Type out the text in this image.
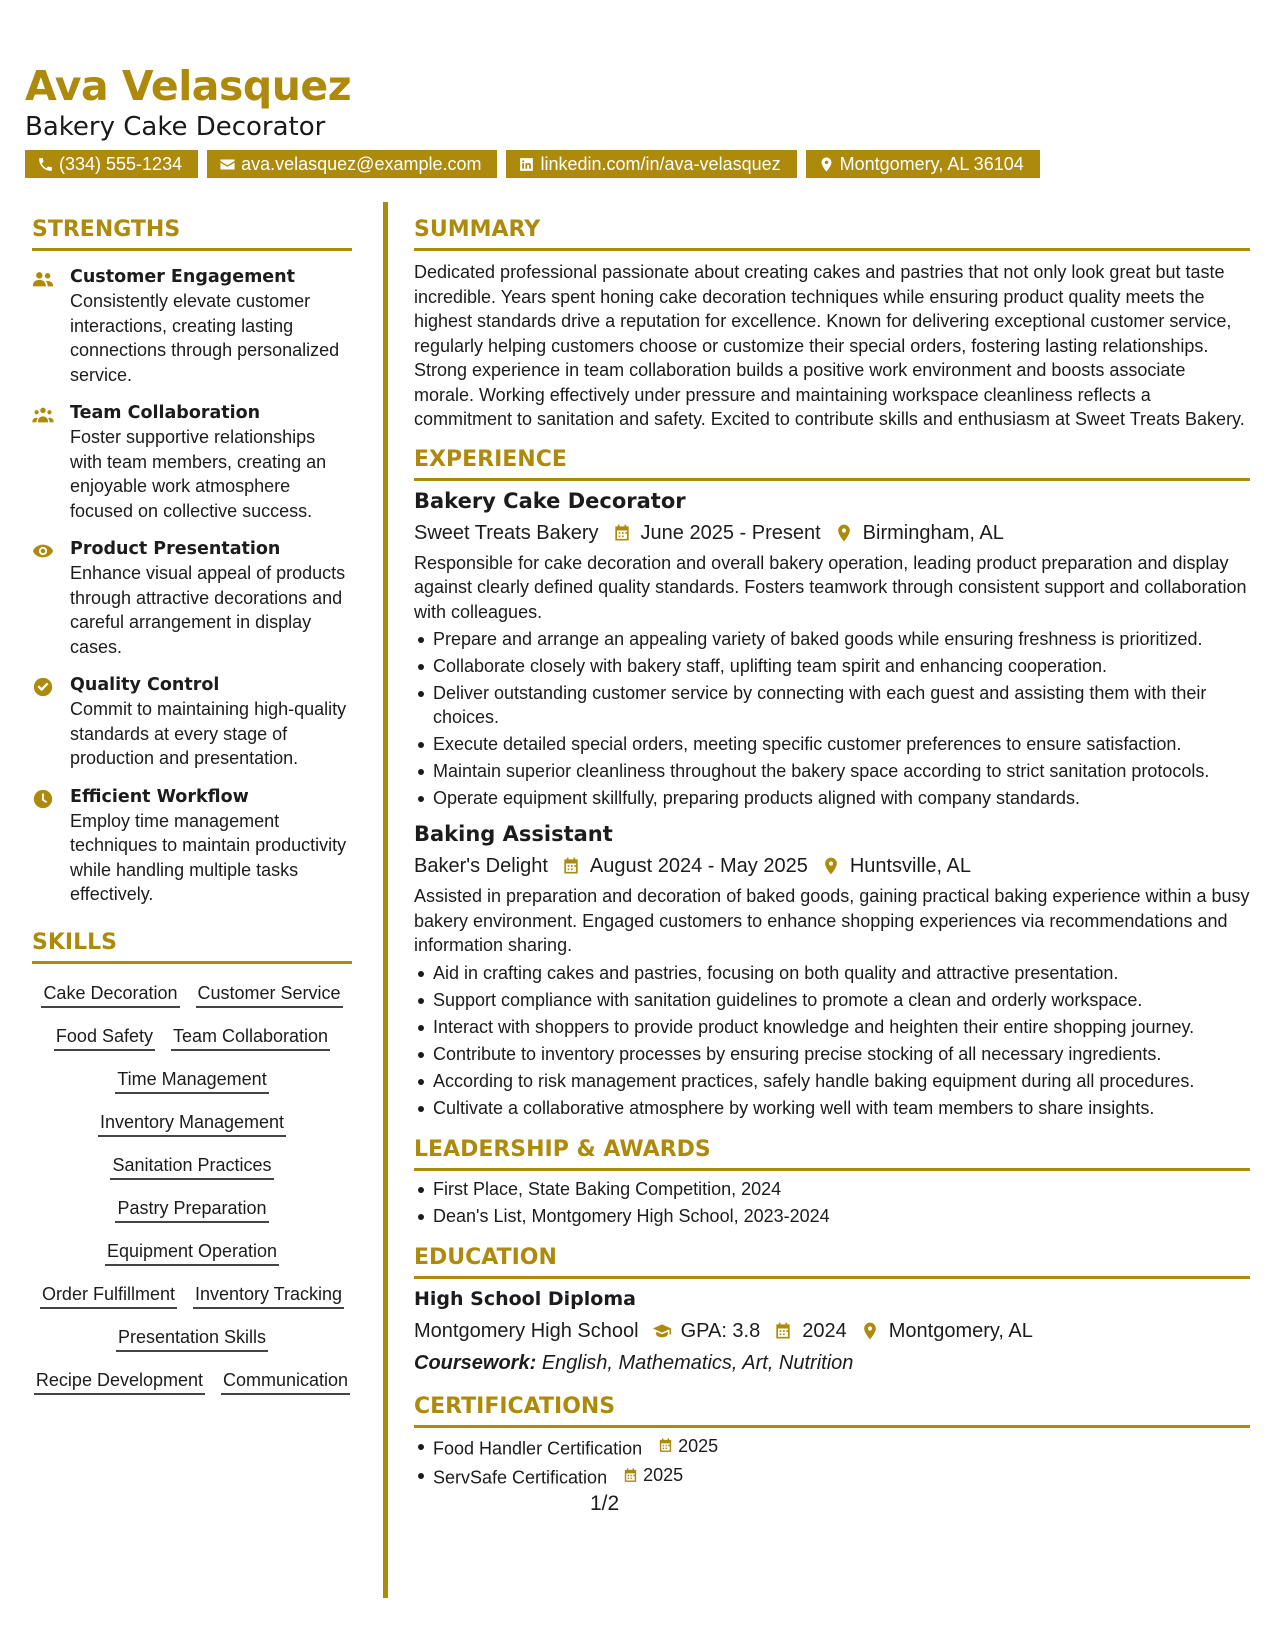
Ava Velasquez
Bakery Cake Decorator
(334) 555-1234	ava.velasquez@example.com	linkedin.com/in/ava-velasquez	Montgomery, AL 36104
STRENGTHS
Customer Engagement
Consistently elevate customer interactions, creating lasting connections through personalized service.
Team Collaboration
Foster supportive relationships with team members, creating an enjoyable work atmosphere focused on collective success.
Product Presentation
Enhance visual appeal of products through attractive decorations and careful arrangement in display cases.
Quality Control
Commit to maintaining high-quality standards at every stage of production and presentation.
Efficient Workflow
Employ time management techniques to maintain productivity while handling multiple tasks effectively.
SKILLS
Cake Decoration Customer Service
Food Safety Team Collaboration
Time Management
Inventory Management
Sanitation Practices
Pastry Preparation
Equipment Operation
Order Fulfillment Inventory Tracking
Presentation Skills
Recipe Development Communication
SUMMARY
Dedicated professional passionate about creating cakes and pastries that not only look great but taste incredible. Years spent honing cake decoration techniques while ensuring product quality meets the highest standards drive a reputation for excellence. Known for delivering exceptional customer service, regularly helping customers choose or customize their special orders, fostering lasting relationships. Strong experience in team collaboration builds a positive work environment and boosts associate morale. Working effectively under pressure and maintaining workspace cleanliness reflects a commitment to sanitation and safety. Excited to contribute skills and enthusiasm at Sweet Treats Bakery.
EXPERIENCE
Bakery Cake Decorator
Sweet Treats Bakery June 2025 - Present Birmingham, AL
Responsible for cake decoration and overall bakery operation, leading product preparation and display against clearly defined quality standards. Fosters teamwork through consistent support and collaboration with colleagues.
Prepare and arrange an appealing variety of baked goods while ensuring freshness is prioritized.
Collaborate closely with bakery staff, uplifting team spirit and enhancing cooperation.
Deliver outstanding customer service by connecting with each guest and assisting them with their choices.
Execute detailed special orders, meeting specific customer preferences to ensure satisfaction.
Maintain superior cleanliness throughout the bakery space according to strict sanitation protocols.
Operate equipment skillfully, preparing products aligned with company standards.
Baking Assistant
Baker's Delight August 2024 - May 2025 Huntsville, AL
Assisted in preparation and decoration of baked goods, gaining practical baking experience within a busy bakery environment. Engaged customers to enhance shopping experiences via recommendations and information sharing.
Aid in crafting cakes and pastries, focusing on both quality and attractive presentation.
Support compliance with sanitation guidelines to promote a clean and orderly workspace.
Interact with shoppers to provide product knowledge and heighten their entire shopping journey.
Contribute to inventory processes by ensuring precise stocking of all necessary ingredients.
According to risk management practices, safely handle baking equipment during all procedures.
Cultivate a collaborative atmosphere by working well with team members to share insights.
LEADERSHIP & AWARDS
First Place, State Baking Competition, 2024
Dean's List, Montgomery High School, 2023-2024
EDUCATION
High School Diploma
Montgomery High School GPA: 3.8 2024 Montgomery, AL
Coursework: English, Mathematics, Art, Nutrition
CERTIFICATIONS
Food Handler Certification 2025
ServSafe Certification 2025
1/2
